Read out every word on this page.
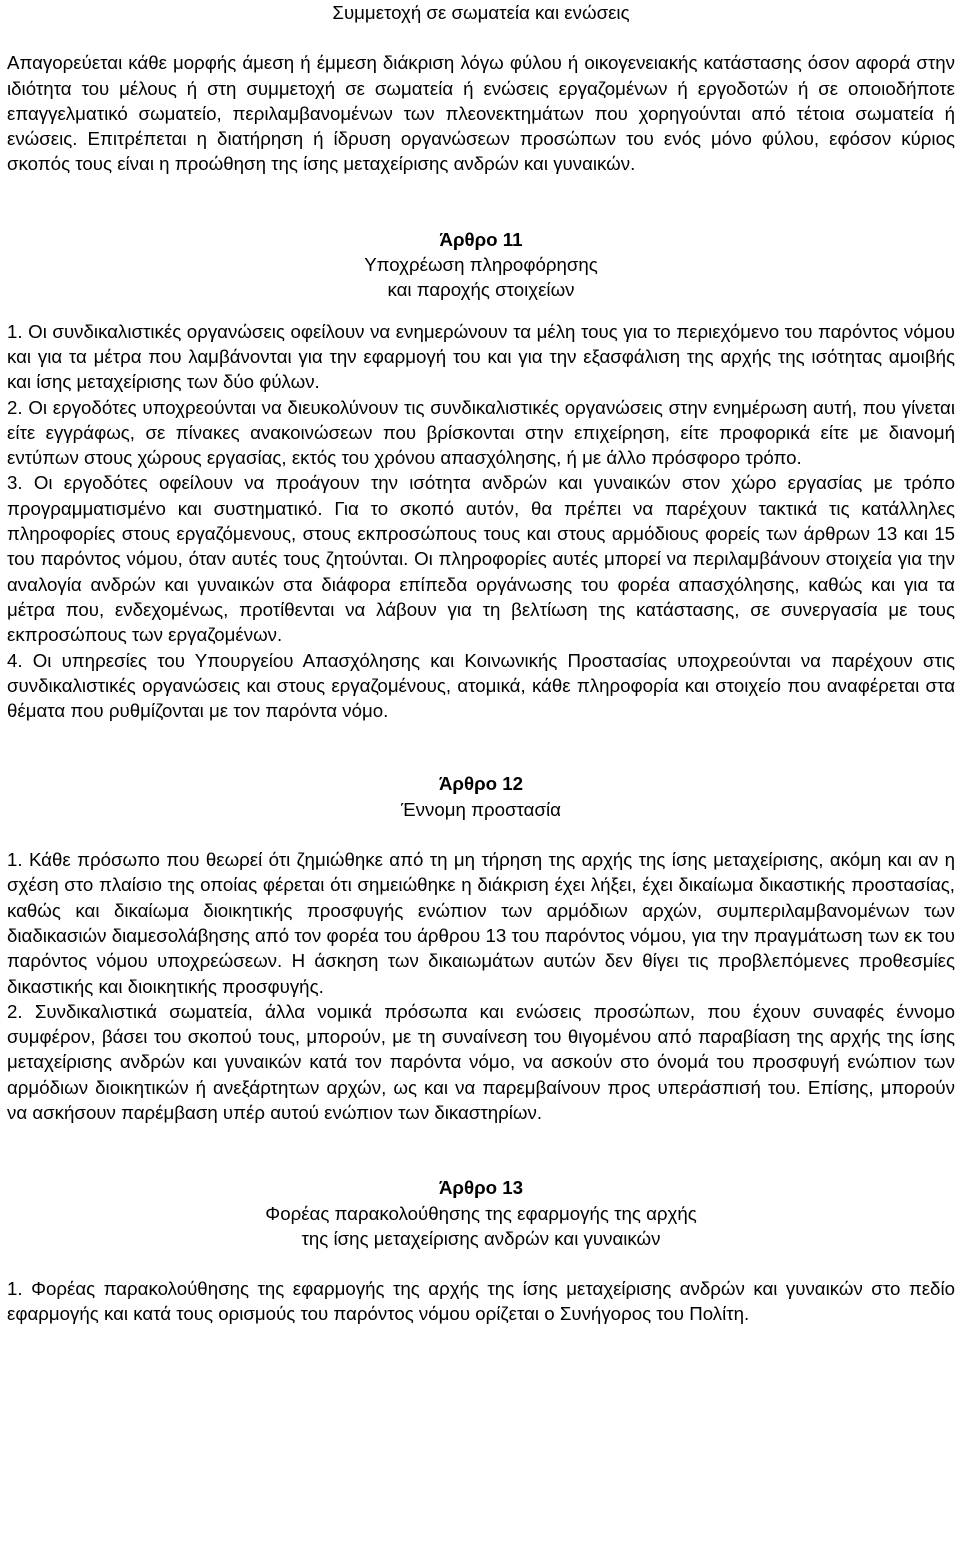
Συμμετοχή σε σωματεία και ενώσεις

Απαγορεύεται κάθε μορφής άμεση ή έμμεση διάκριση λόγω φύλου ή οικογενειακής κατάστασης όσον αφορά στην ιδιότητα του μέλους ή στη συμμετοχή σε σωματεία ή ενώσεις εργαζομένων ή εργοδοτών ή σε οποιοδήποτε επαγγελματικό σωματείο, περιλαμβανομένων των πλεονεκτημάτων που χορηγούνται από τέτοια σωματεία ή ενώσεις. Επιτρέπεται η διατήρηση ή ίδρυση οργανώσεων προσώπων του ενός μόνο φύλου, εφόσον κύριος σκοπός τους είναι η προώθηση της ίσης μεταχείρισης ανδρών και γυναικών.

Άρθρο 11

Υποχρέωση πληροφόρησης

και παροχής στοιχείων

1. Οι συνδικαλιστικές οργανώσεις οφείλουν να ενημερώνουν τα μέλη τους για το περιεχόμενο του παρόντος νόμου και για τα μέτρα που λαμβάνονται για την εφαρμογή του και για την εξασφάλιση της αρχής της ισότητας αμοιβής και ίσης μεταχείρισης των δύο φύλων.

2. Οι εργοδότες υποχρεούνται να διευκολύνουν τις συνδικαλιστικές οργανώσεις στην ενημέρωση αυτή, που γίνεται είτε εγγράφως, σε πίνακες ανακοινώσεων που βρίσκονται στην επιχείρηση, είτε προφορικά είτε με διανομή εντύπων στους χώρους εργασίας, εκτός του χρόνου απασχόλησης, ή με άλλο πρόσφορο τρόπο.

3. Οι εργοδότες οφείλουν να προάγουν την ισότητα ανδρών και γυναικών στον χώρο εργασίας με τρόπο προγραμματισμένο και συστηματικό. Για το σκοπό αυτόν, θα πρέπει να παρέχουν τακτικά τις κατάλληλες πληροφορίες στους εργαζόμενους, στους εκπροσώπους τους και στους αρμόδιους φορείς των άρθρων 13 και 15 του παρόντος νόμου, όταν αυτές τους ζητούνται. Οι πληροφορίες αυτές μπορεί να περιλαμβάνουν στοιχεία για την αναλογία ανδρών και γυναικών στα διάφορα επίπεδα οργάνωσης του φορέα απασχόλησης, καθώς και για τα μέτρα που, ενδεχομένως, προτίθενται να λάβουν για τη βελτίωση της κατάστασης, σε συνεργασία με τους εκπροσώπους των εργαζομένων.

4. Οι υπηρεσίες του Υπουργείου Απασχόλησης και Κοινωνικής Προστασίας υποχρεούνται να παρέχουν στις συνδικαλιστικές οργανώσεις και στους εργαζομένους, ατομικά, κάθε πληροφορία και στοιχείο που αναφέρεται στα θέματα που ρυθμίζονται με τον παρόντα νόμο.

Άρθρο 12

Έννομη προστασία

1. Κάθε πρόσωπο που θεωρεί ότι ζημιώθηκε από τη μη τήρηση της αρχής της ίσης μεταχείρισης, ακόμη και αν η σχέση στο πλαίσιο της οποίας φέρεται ότι σημειώθηκε η διάκριση έχει λήξει, έχει δικαίωμα δικαστικής προστασίας, καθώς και δικαίωμα διοικητικής προσφυγής ενώπιον των αρμόδιων αρχών, συμπεριλαμβανομένων των διαδικασιών διαμεσολάβησης από τον φορέα του άρθρου 13 του παρόντος νόμου, για την πραγμάτωση των εκ του παρόντος νόμου υποχρεώσεων. Η άσκηση των δικαιωμάτων αυτών δεν θίγει τις προβλεπόμενες προθεσμίες δικαστικής και διοικητικής προσφυγής.

2. Συνδικαλιστικά σωματεία, άλλα νομικά πρόσωπα και ενώσεις προσώπων, που έχουν συναφές έννομο συμφέρον, βάσει του σκοπού τους, μπορούν, με τη συναίνεση του θιγομένου από παραβίαση της αρχής της ίσης μεταχείρισης ανδρών και γυναικών κατά τον παρόντα νόμο, να ασκούν στο όνομά του προσφυγή ενώπιον των αρμόδιων διοικητικών ή ανεξάρτητων αρχών, ως και να παρεμβαίνουν προς υπεράσπισή του. Επίσης, μπορούν να ασκήσουν παρέμβαση υπέρ αυτού ενώπιον των δικαστηρίων.

Άρθρο 13

Φορέας παρακολούθησης της εφαρμογής της αρχής

της ίσης μεταχείρισης ανδρών και γυναικών

1. Φορέας παρακολούθησης της εφαρμογής της αρχής της ίσης μεταχείρισης ανδρών και γυναικών στο πεδίο εφαρμογής και κατά τους ορισμούς του παρόντος νόμου ορίζεται ο Συνήγορος του Πολίτη.
